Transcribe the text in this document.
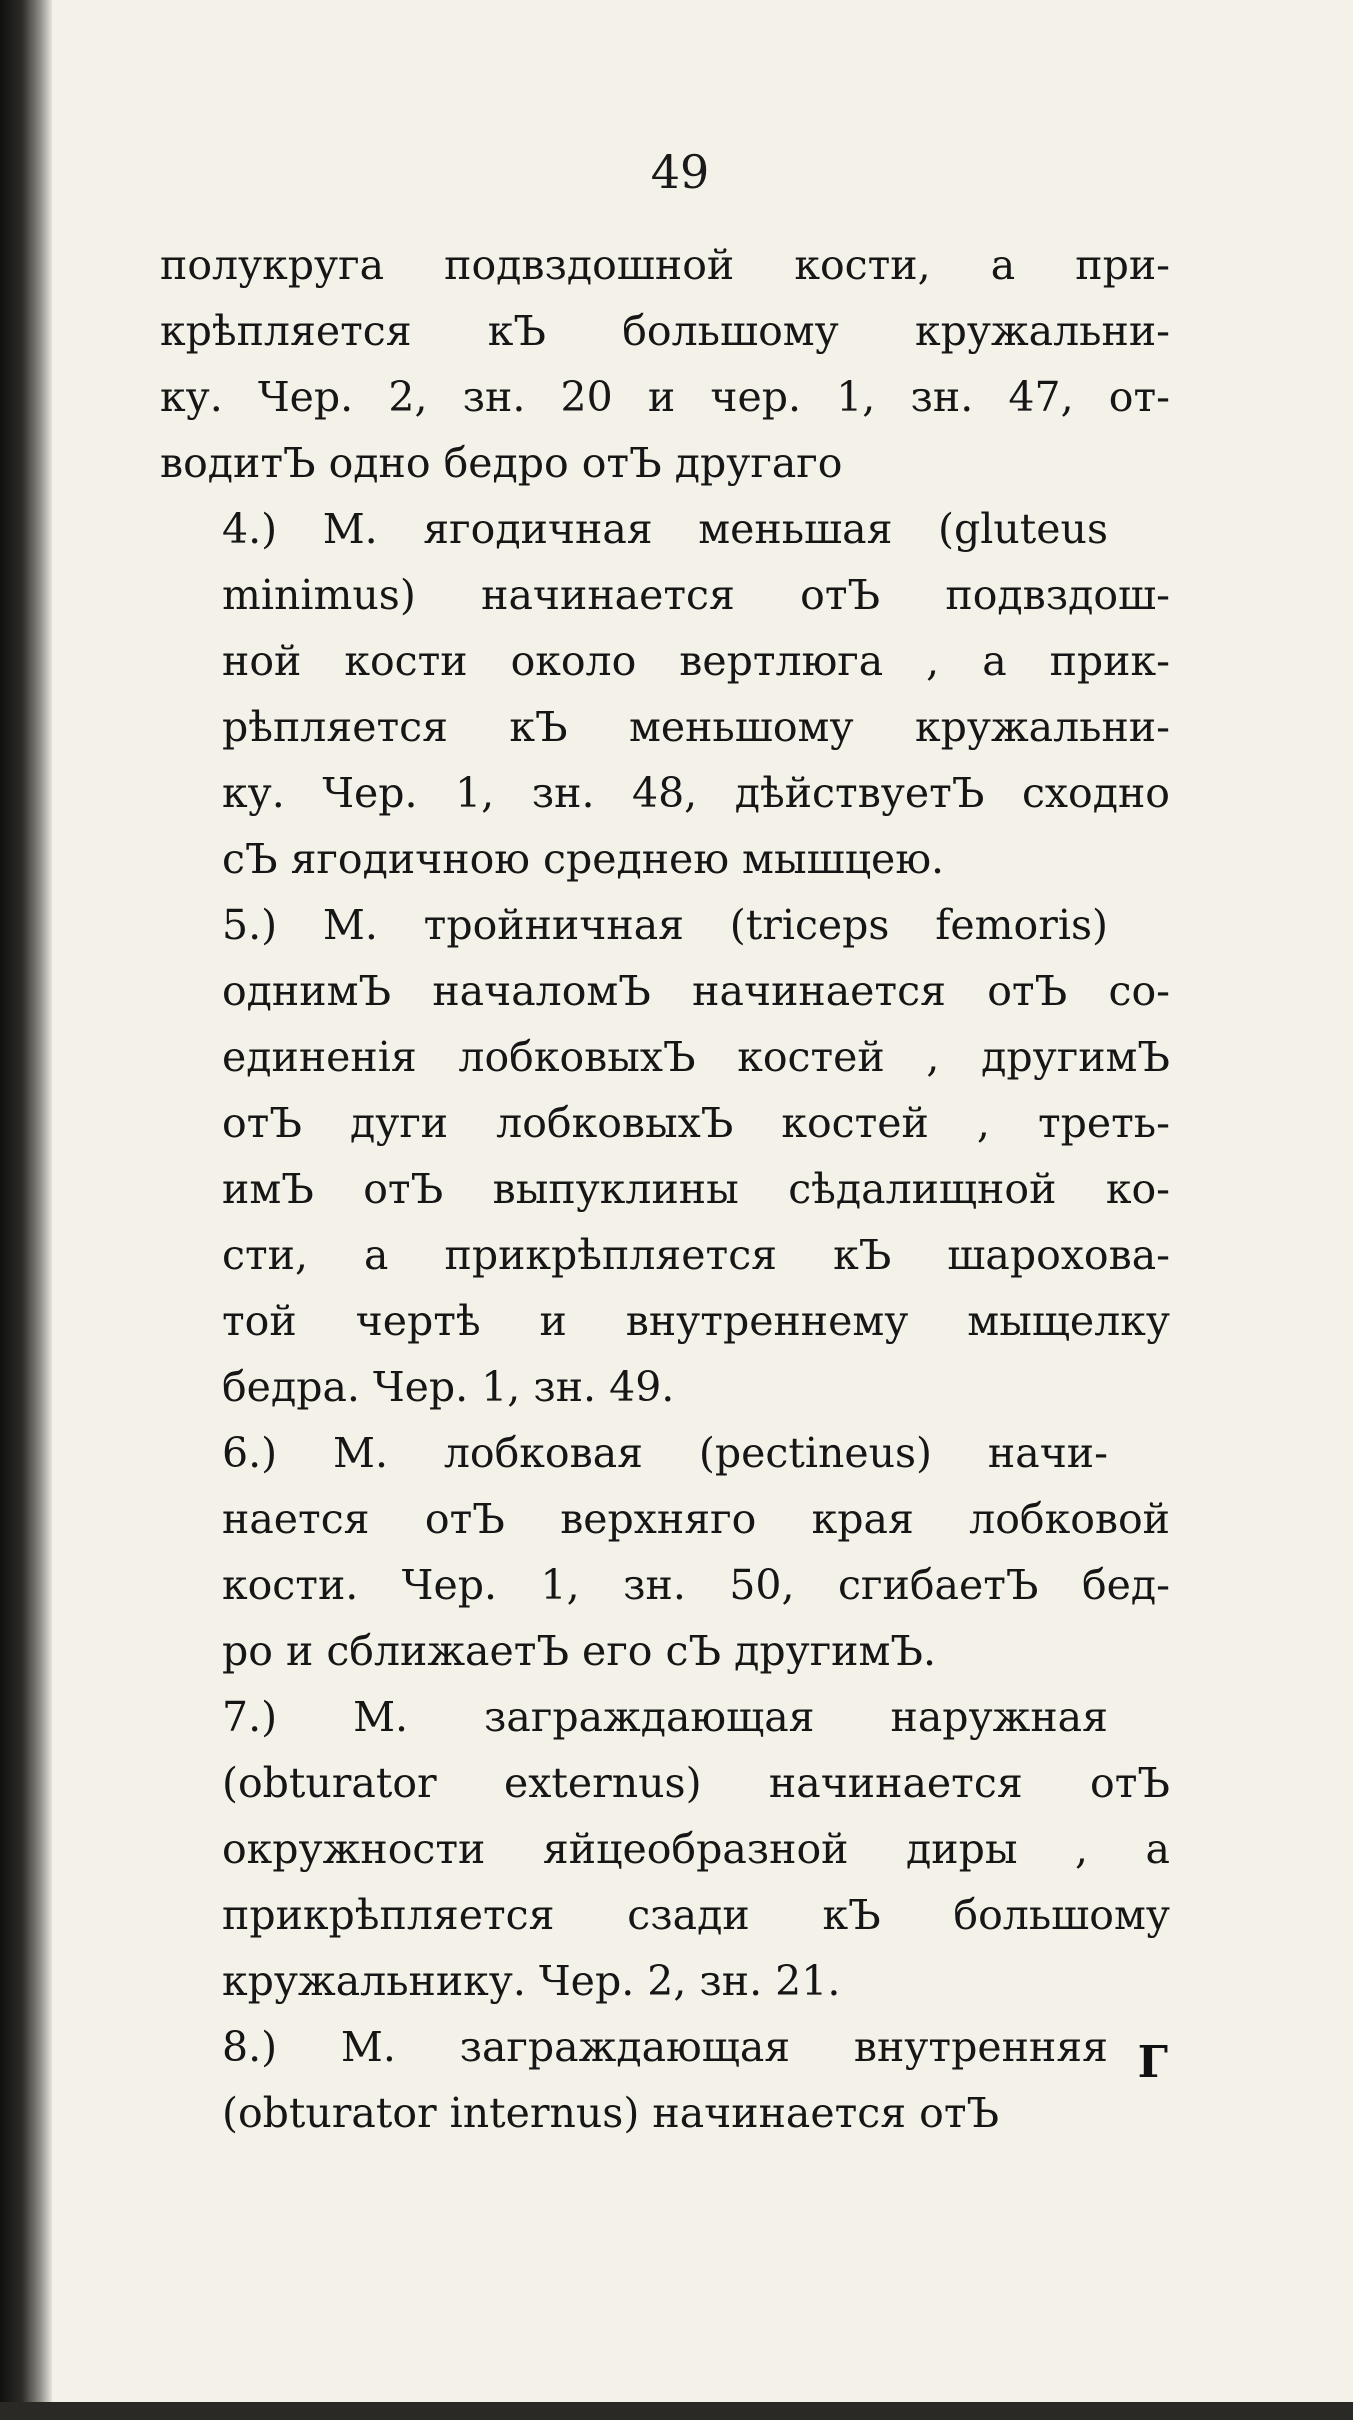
49

полукруга подвздошной кости, а при-
крѣпляется кЪ большому кружальни-
ку. Чер. 2, зн. 20 и чер. 1, зн. 47, от-
водитЪ одно бедро отЪ другаго

4.) М. ягодичная меньшая (gluteus
minimus) начинается отЪ подвздош-
ной кости около вертлюга , а прик-
рѣпляется кЪ меньшому кружальни-
ку. Чер. 1, зн. 48, дѣйствуетЪ сходно
сЪ ягодичною среднею мышцею.

5.) М. тройничная (triceps femoris)
однимЪ началомЪ начинается отЪ со-
единенія лобковыхЪ костей , другимЪ
отЪ дуги лобковыхЪ костей , треть-
имЪ отЪ выпуклины сѣдалищной ко-
сти, а прикрѣпляется кЪ шарохова-
той чертѣ и внутреннему мыщелку
бедра. Чер. 1, зн. 49.

6.) М. лобковая (pectineus) начи-
нается отЪ верхняго края лобковой
кости. Чер. 1, зн. 50, сгибаетЪ бед-
ро и сближаетЪ его сЪ другимЪ.

7.) М. заграждающая наружная
(obturator externus) начинается отЪ
окружности яйцеобразной диры , а
прикрѣпляется сзади кЪ большому
кружальнику. Чер. 2, зн. 21.

8.) М. заграждающая внутренняя
(obturator internus) начинается отЪ

Г
